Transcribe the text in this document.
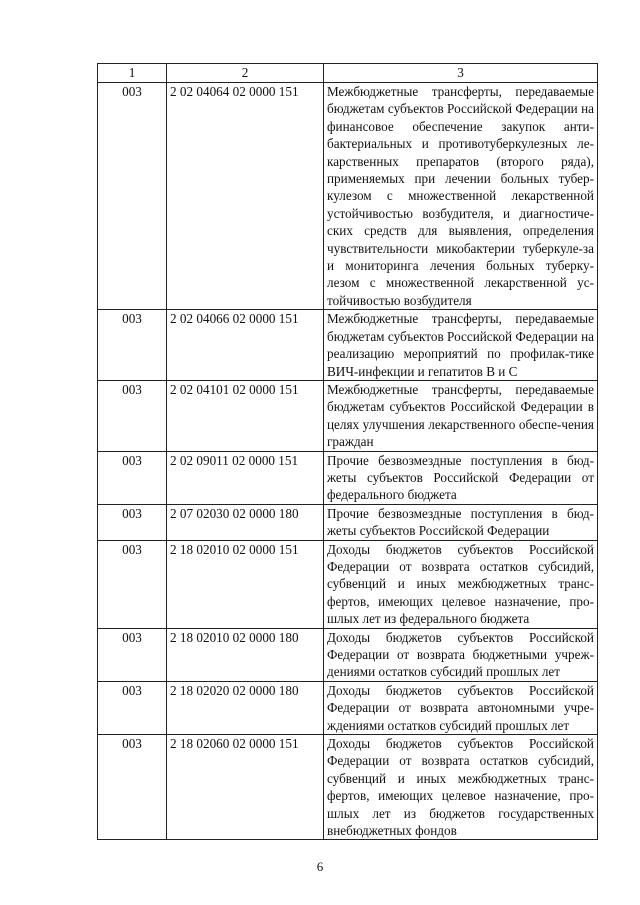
1	2	3
003	2 02 04064 02 0000 151	Межбюджетные трансферты, передаваемые бюджетам субъектов Российской Федерации на финансовое обеспечение закупок анти-бактериальных и противотуберкулезных ле-карственных препаратов (второго ряда), применяемых при лечении больных тубер-кулезом с множественной лекарственной устойчивостью возбудителя, и диагностиче-ских средств для выявления, определения чувствительности микобактерии туберкуле-за и мониторинга лечения больных туберку-лезом с множественной лекарственной ус-тойчивостью возбудителя
003	2 02 04066 02 0000 151	Межбюджетные трансферты, передаваемые бюджетам субъектов Российской Федерации на реализацию мероприятий по профилак-тике ВИЧ-инфекции и гепатитов В и С
003	2 02 04101 02 0000 151	Межбюджетные трансферты, передаваемые бюджетам субъектов Российской Федерации в целях улучшения лекарственного обеспе-чения граждан
003	2 02 09011 02 0000 151	Прочие безвозмездные поступления в бюд-жеты субъектов Российской Федерации от федерального бюджета
003	2 07 02030 02 0000 180	Прочие безвозмездные поступления в бюд-жеты субъектов Российской Федерации
003	2 18 02010 02 0000 151	Доходы бюджетов субъектов Российской Федерации от возврата остатков субсидий, субвенций и иных межбюджетных транс-фертов, имеющих целевое назначение, про-шлых лет из федерального бюджета
003	2 18 02010 02 0000 180	Доходы бюджетов субъектов Российской Федерации от возврата бюджетными учреж-дениями остатков субсидий прошлых лет
003	2 18 02020 02 0000 180	Доходы бюджетов субъектов Российской Федерации от возврата автономными учре-ждениями остатков субсидий прошлых лет
003	2 18 02060 02 0000 151	Доходы бюджетов субъектов Российской Федерации от возврата остатков субсидий, субвенций и иных межбюджетных транс-фертов, имеющих целевое назначение, про-шлых лет из бюджетов государственных внебюджетных фондов
6
